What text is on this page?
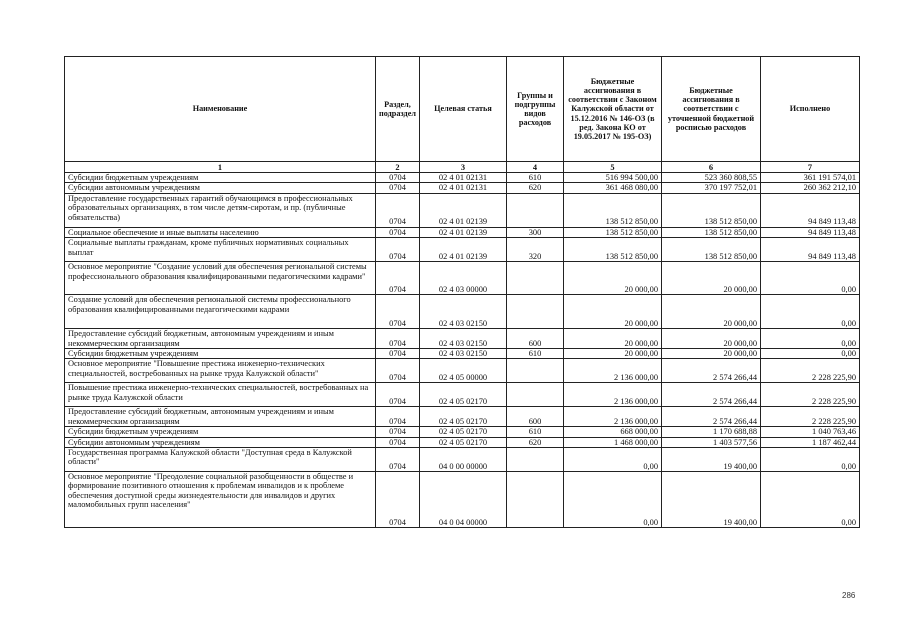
Наименование	Раздел, подраздел	Целевая статья	Группы и подгруппы видов расходов	Бюджетные ассигнования в соответствии с Законом Калужской области от 15.12.2016 № 146-ОЗ (в ред. Закона КО от 19.05.2017 № 195-ОЗ)	Бюджетные ассигнования в соответствии с уточненной бюджетной росписью расходов	Исполнено
1	2	3	4	5	6	7
Субсидии бюджетным учреждениям	0704	02 4 01 02131	610	516 994 500,00	523 360 808,55	361 191 574,01
Субсидии автономным учреждениям	0704	02 4 01 02131	620	361 468 080,00	370 197 752,01	260 362 212,10
Предоставление государственных гарантий обучающимся в профессиональных образовательных организациях, в том числе детям-сиротам, и пр. (публичные обязательства)	0704	02 4 01 02139		138 512 850,00	138 512 850,00	94 849 113,48
Социальное обеспечение и иные выплаты населению	0704	02 4 01 02139	300	138 512 850,00	138 512 850,00	94 849 113,48
Социальные выплаты гражданам, кроме публичных нормативных социальных выплат	0704	02 4 01 02139	320	138 512 850,00	138 512 850,00	94 849 113,48
Основное мероприятие "Создание условий для обеспечения региональной системы профессионального образования квалифицированными педагогическими кадрами"	0704	02 4 03 00000		20 000,00	20 000,00	0,00
Создание условий для обеспечения региональной системы профессионального образования квалифицированными педагогическими кадрами	0704	02 4 03 02150		20 000,00	20 000,00	0,00
Предоставление субсидий бюджетным, автономным учреждениям и иным некоммерческим организациям	0704	02 4 03 02150	600	20 000,00	20 000,00	0,00
Субсидии бюджетным учреждениям	0704	02 4 03 02150	610	20 000,00	20 000,00	0,00
Основное мероприятие "Повышение престижа инженерно-технических специальностей, востребованных на рынке труда Калужской области"	0704	02 4 05 00000		2 136 000,00	2 574 266,44	2 228 225,90
Повышение престижа инженерно-технических специальностей, востребованных на рынке труда Калужской области	0704	02 4 05 02170		2 136 000,00	2 574 266,44	2 228 225,90
Предоставление субсидий бюджетным, автономным учреждениям и иным некоммерческим организациям	0704	02 4 05 02170	600	2 136 000,00	2 574 266,44	2 228 225,90
Субсидии бюджетным учреждениям	0704	02 4 05 02170	610	668 000,00	1 170 688,88	1 040 763,46
Субсидии автономным учреждениям	0704	02 4 05 02170	620	1 468 000,00	1 403 577,56	1 187 462,44
Государственная программа Калужской области "Доступная среда в Калужской области"	0704	04 0 00 00000		0,00	19 400,00	0,00
Основное мероприятие "Преодоление социальной разобщенности в обществе и формирование позитивного отношения к проблемам инвалидов и к проблеме обеспечения доступной среды жизнедеятельности для инвалидов и других маломобильных групп населения"	0704	04 0 04 00000		0,00	19 400,00	0,00
286
